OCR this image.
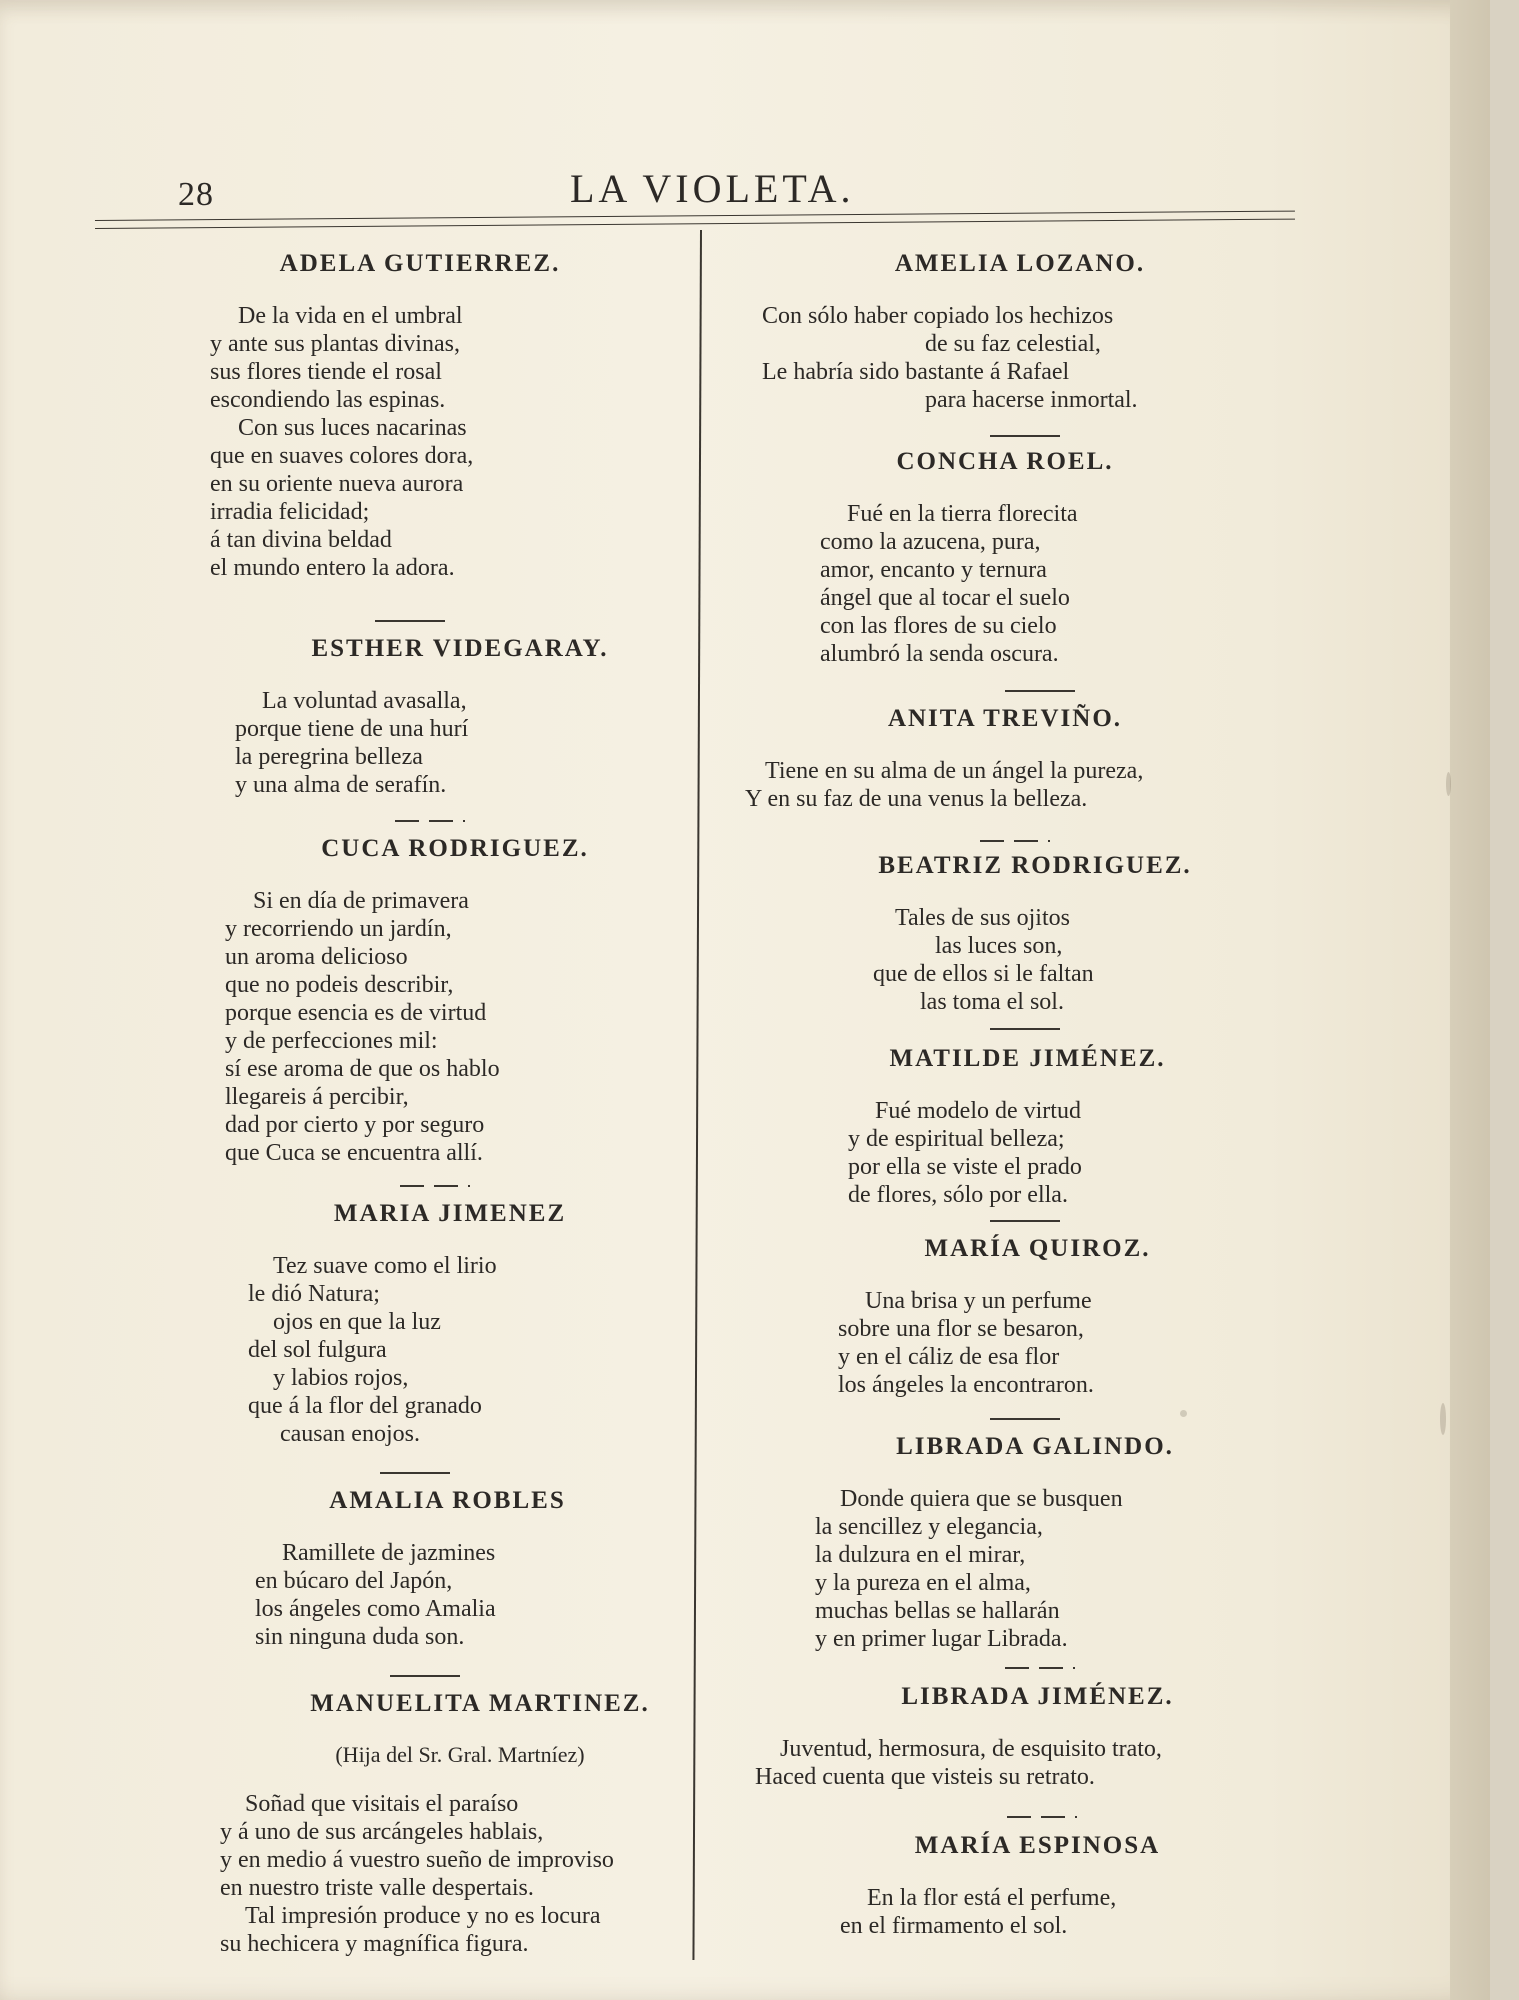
28	LA VIOLETA.
ADELA GUTIERREZ.
De la vida en el umbral
y ante sus plantas divinas,
sus flores tiende el rosal
escondiendo las espinas.
Con sus luces nacarinas
que en suaves colores dora,
en su oriente nueva aurora
irradia felicidad;
á tan divina beldad
el mundo entero la adora.
ESTHER VIDEGARAY.
La voluntad avasalla,
porque tiene de una hurí
la peregrina belleza
y una alma de serafín.
CUCA RODRIGUEZ.
Si en día de primavera
y recorriendo un jardín,
un aroma delicioso
que no podeis describir,
porque esencia es de virtud
y de perfecciones mil:
sí ese aroma de que os hablo
llegareis á percibir,
dad por cierto y por seguro
que Cuca se encuentra allí.
MARIA JIMENEZ
Tez suave como el lirio
le dió Natura;
ojos en que la luz
del sol fulgura
y labios rojos,
que á la flor del granado
causan enojos.
AMALIA ROBLES
Ramillete de jazmines
en búcaro del Japón,
los ángeles como Amalia
sin ninguna duda son.
MANUELITA MARTINEZ.
(Hija del Sr. Gral. Martníez)
Soñad que visitais el paraíso
y á uno de sus arcángeles hablais,
y en medio á vuestro sueño de improviso
en nuestro triste valle despertais.
Tal impresión produce y no es locura
su hechicera y magnífica figura.
AMELIA LOZANO.
Con sólo haber copiado los hechizos
de su faz celestial,
Le habría sido bastante á Rafael
para hacerse inmortal.
CONCHA ROEL.
Fué en la tierra florecita
como la azucena, pura,
amor, encanto y ternura
ángel que al tocar el suelo
con las flores de su cielo
alumbró la senda oscura.
ANITA TREVIÑO.
Tiene en su alma de un ángel la pureza,
Y en su faz de una venus la belleza.
BEATRIZ RODRIGUEZ.
Tales de sus ojitos
las luces son,
que de ellos si le faltan
las toma el sol.
MATILDE JIMÉNEZ.
Fué modelo de virtud
y de espiritual belleza;
por ella se viste el prado
de flores, sólo por ella.
MARÍA QUIROZ.
Una brisa y un perfume
sobre una flor se besaron,
y en el cáliz de esa flor
los ángeles la encontraron.
LIBRADA GALINDO.
Donde quiera que se busquen
la sencillez y elegancia,
la dulzura en el mirar,
y la pureza en el alma,
muchas bellas se hallarán
y en primer lugar Librada.
LIBRADA JIMÉNEZ.
Juventud, hermosura, de esquisito trato,
Haced cuenta que visteis su retrato.
MARÍA ESPINOSA
En la flor está el perfume,
en el firmamento el sol.
